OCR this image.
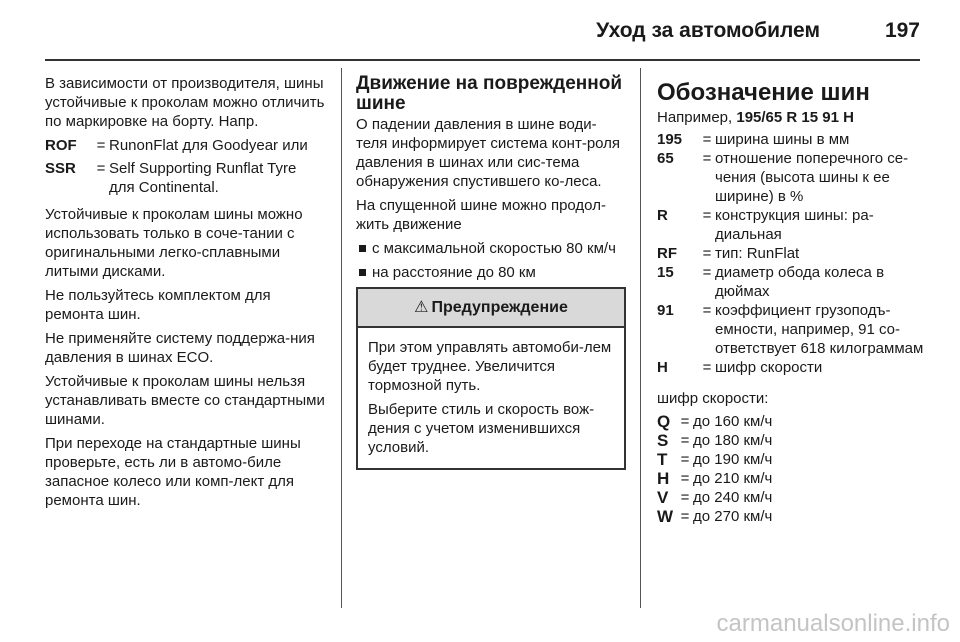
Уход за автомобилем	197

В зависимости от производителя, шины устойчивые к проколам можно отличить по маркировке на борту. Напр.

ROF	= RunonFlat для Goodyear или
SSR	= Self Supporting Runflat Tyre для Continental.

Устойчивые к проколам шины можно использовать только в соче-тании с оригинальными легко-сплавными литыми дисками.

Не пользуйтесь комплектом для ремонта шин.

Не применяйте систему поддержа-ния давления в шинах ECO.

Устойчивые к проколам шины нельзя устанавливать вместе со стандартными шинами.

При переходе на стандартные шины проверьте, есть ли в автомо-биле запасное колесо или комп-лект для ремонта шин.

Движение на поврежденной шине

О падении давления в шине води-теля информирует система конт-роля давления в шинах или сис-тема обнаружения спустившего ко-леса.

На спущенной шине можно продол-жить движение

с максимальной скоростью 80 км/ч
на расстояние до 80 км
⚠ Предупреждение

При этом управлять автомоби-лем будет труднее. Увеличится тормозной путь.

Выберите стиль и скорость вож-дения с учетом изменившихся условий.

Обозначение шин

Например, 195/65 R 15 91 H

195	= ширина шины в мм
65	= отношение поперечного се-чения (высота шины к ее ширине) в %
R	= конструкция шины: ра-диальная
RF	= тип: RunFlat
15	= диаметр обода колеса в дюймах
91	= коэффициент грузоподъ-емности, например, 91 со-ответствует 618 килограммам
H	= шифр скорости

шифр скорости:

Q = до 160 км/ч
S = до 180 км/ч
T = до 190 км/ч
H = до 210 км/ч
V = до 240 км/ч
W = до 270 км/ч
carmanualsonline.info
